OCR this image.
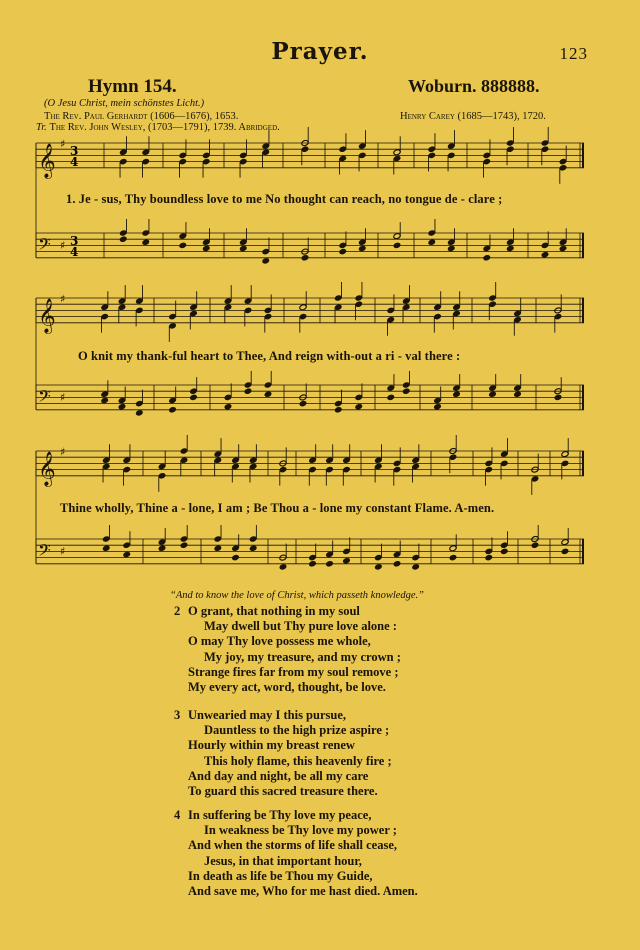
Prayer.	123
Hymn 154.	Woburn. 888888.
(O Jesu Christ, mein schönstes Licht.)
The Rev. Paul Gerhardt (1606—1676), 1653.
Tr. The Rev. John Wesley, (1703—1791), 1739. Abridged.
Henry Carey (1685—1743), 1720.
𝄞 ♯
𝄢 ♯
𝄞 ♯
𝄢 ♯
𝄞 ♯
𝄢 ♯
3
4
3
4
1. Je - sus, Thy boundless love to me No thought can reach, no tongue de - clare ;
O knit my thank-ful heart to Thee, And reign with-out a ri - val there :
Thine wholly, Thine a - lone, I am ; Be Thou a - lone my constant Flame. A-men.
“And to know the love of Christ, which passeth knowledge.”
2 O grant, that nothing in my soul
May dwell but Thy pure love alone :
O may Thy love possess me whole,
My joy, my treasure, and my crown ;
Strange fires far from my soul remove ;
My every act, word, thought, be love.
3 Unwearied may I this pursue,
Dauntless to the high prize aspire ;
Hourly within my breast renew
This holy flame, this heavenly fire ;
And day and night, be all my care
To guard this sacred treasure there.
4 In suffering be Thy love my peace,
In weakness be Thy love my power ;
And when the storms of life shall cease,
Jesus, in that important hour,
In death as life be Thou my Guide,
And save me, Who for me hast died. Amen.
